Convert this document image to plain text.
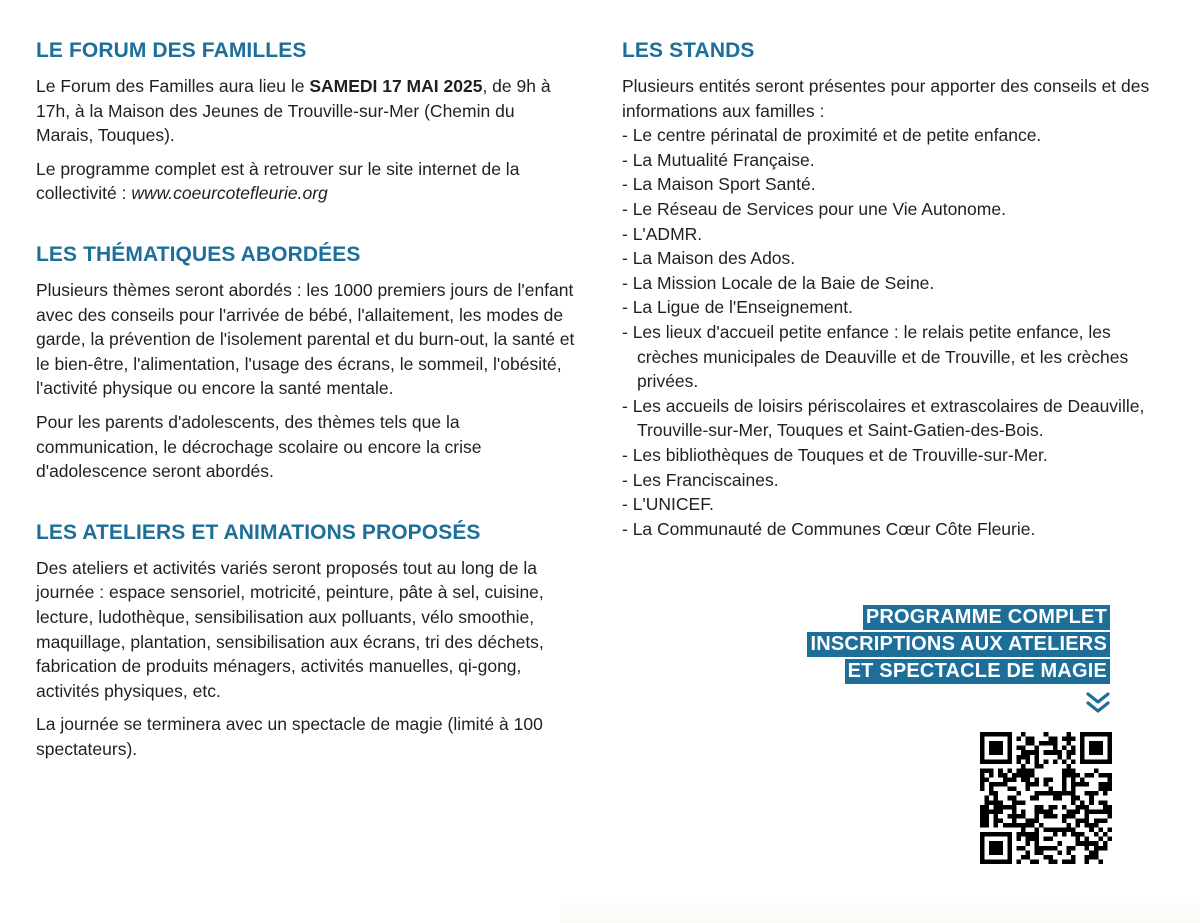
LE FORUM DES FAMILLES

Le Forum des Familles aura lieu le SAMEDI 17 MAI 2025, de 9h à 17h, à la Maison des Jeunes de Trouville-sur-Mer (Chemin du Marais, Touques).

Le programme complet est à retrouver sur le site internet de la collectivité : www.coeurcotefleurie.org

LES THÉMATIQUES ABORDÉES

Plusieurs thèmes seront abordés : les 1000 premiers jours de l'enfant avec des conseils pour l'arrivée de bébé, l'allaitement, les modes de garde, la prévention de l'isolement parental et du burn-out, la santé et le bien-être, l'alimentation, l'usage des écrans, le sommeil, l'obésité, l'activité physique ou encore la santé mentale.

Pour les parents d'adolescents, des thèmes tels que la communication, le décrochage scolaire ou encore la crise d'adolescence seront abordés.

LES ATELIERS ET ANIMATIONS PROPOSÉS

Des ateliers et activités variés seront proposés tout au long de la journée : espace sensoriel, motricité, peinture, pâte à sel, cuisine, lecture, ludothèque, sensibilisation aux polluants, vélo smoothie, maquillage, plantation, sensibilisation aux écrans, tri des déchets, fabrication de produits ménagers, activités manuelles, qi-gong, activités physiques, etc.

La journée se terminera avec un spectacle de magie (limité à 100 spectateurs).

LES STANDS

Plusieurs entités seront présentes pour apporter des conseils et des informations aux familles :

- Le centre périnatal de proximité et de petite enfance.
- La Mutualité Française.
- La Maison Sport Santé.
- Le Réseau de Services pour une Vie Autonome.
- L'ADMR.
- La Maison des Ados.
- La Mission Locale de la Baie de Seine.
- La Ligue de l'Enseignement.
- Les lieux d'accueil petite enfance : le relais petite enfance, les crèches municipales de Deauville et de Trouville, et les crèches privées.
- Les accueils de loisirs périscolaires et extrascolaires de Deauville, Trouville-sur-Mer, Touques et Saint-Gatien-des-Bois.
- Les bibliothèques de Touques et de Trouville-sur-Mer.
- Les Franciscaines.
- L'UNICEF.
- La Communauté de Communes Cœur Côte Fleurie.
PROGRAMME COMPLET
INSCRIPTIONS AUX ATELIERS
ET SPECTACLE DE MAGIE
